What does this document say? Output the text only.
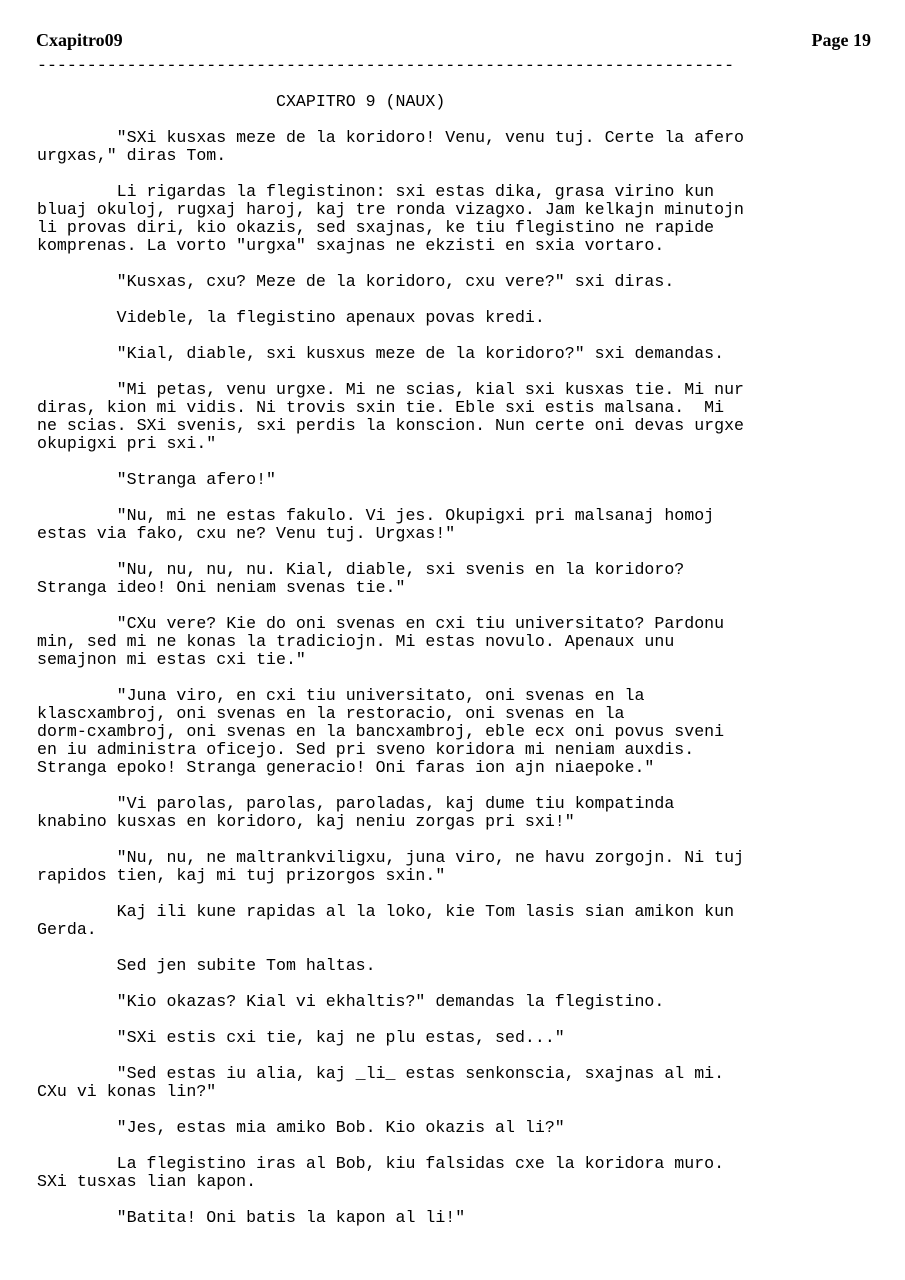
Cxapitro09	Page 19
----------------------------------------------------------------------
CXAPITRO 9 (NAUX)

"SXi kusxas meze de la koridoro! Venu, venu tuj. Certe la afero
urgxas," diras Tom.

Li rigardas la flegistinon: sxi estas dika, grasa virino kun
bluaj okuloj, rugxaj haroj, kaj tre ronda vizagxo. Jam kelkajn minutojn
li provas diri, kio okazis, sed sxajnas, ke tiu flegistino ne rapide
komprenas. La vorto "urgxa" sxajnas ne ekzisti en sxia vortaro.

"Kusxas, cxu? Meze de la koridoro, cxu vere?" sxi diras.

Videble, la flegistino apenaux povas kredi.

"Kial, diable, sxi kusxus meze de la koridoro?" sxi demandas.

"Mi petas, venu urgxe. Mi ne scias, kial sxi kusxas tie. Mi nur
diras, kion mi vidis. Ni trovis sxin tie. Eble sxi estis malsana.  Mi
ne scias. SXi svenis, sxi perdis la konscion. Nun certe oni devas urgxe
okupigxi pri sxi."

"Stranga afero!"

"Nu, mi ne estas fakulo. Vi jes. Okupigxi pri malsanaj homoj
estas via fako, cxu ne? Venu tuj. Urgxas!"

"Nu, nu, nu, nu. Kial, diable, sxi svenis en la koridoro?
Stranga ideo! Oni neniam svenas tie."

"CXu vere? Kie do oni svenas en cxi tiu universitato? Pardonu
min, sed mi ne konas la tradiciojn. Mi estas novulo. Apenaux unu
semajnon mi estas cxi tie."

"Juna viro, en cxi tiu universitato, oni svenas en la
klascxambroj, oni svenas en la restoracio, oni svenas en la
dorm-cxambroj, oni svenas en la bancxambroj, eble ecx oni povus sveni
en iu administra oficejo. Sed pri sveno koridora mi neniam auxdis.
Stranga epoko! Stranga generacio! Oni faras ion ajn niaepoke."

"Vi parolas, parolas, paroladas, kaj dume tiu kompatinda
knabino kusxas en koridoro, kaj neniu zorgas pri sxi!"

"Nu, nu, ne maltrankviligxu, juna viro, ne havu zorgojn. Ni tuj
rapidos tien, kaj mi tuj prizorgos sxin."

Kaj ili kune rapidas al la loko, kie Tom lasis sian amikon kun
Gerda.

Sed jen subite Tom haltas.

"Kio okazas? Kial vi ekhaltis?" demandas la flegistino.

"SXi estis cxi tie, kaj ne plu estas, sed..."

"Sed estas iu alia, kaj _li_ estas senkonscia, sxajnas al mi.
CXu vi konas lin?"

"Jes, estas mia amiko Bob. Kio okazis al li?"

La flegistino iras al Bob, kiu falsidas cxe la koridora muro.
SXi tusxas lian kapon.

"Batita! Oni batis la kapon al li!"
